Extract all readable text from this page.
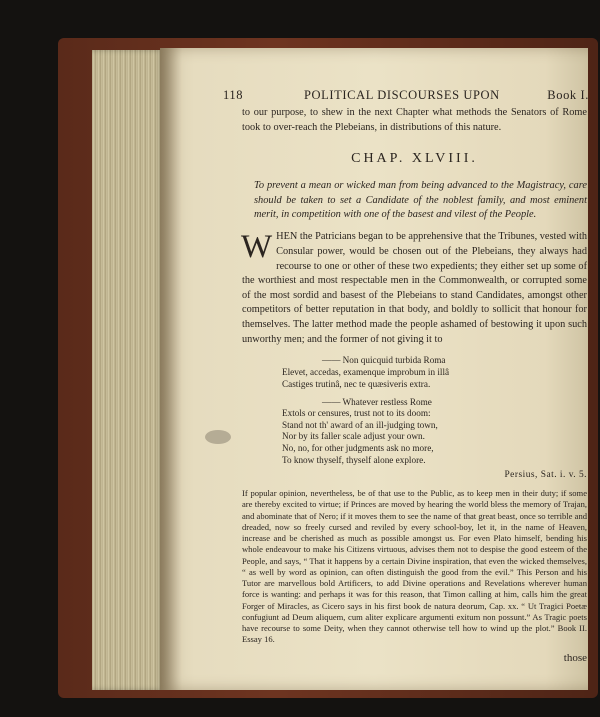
118	POLITICAL DISCOURSES UPON	Book I.

to our purpose, to shew in the next Chapter what methods the Senators of Rome took to over-reach the Plebeians, in distributions of this nature.

CHAP. XLVIII.

To prevent a mean or wicked man from being advanced to the Magistracy, care should be taken to set a Candidate of the noblest family, and most eminent merit, in competition with one of the basest and vilest of the People.

WHEN the Patricians began to be apprehensive that the Tribunes, vested with Consular power, would be chosen out of the Plebeians, they always had recourse to one or other of these two expedients; they either set up some of the worthiest and most respectable men in the Commonwealth, or corrupted some of the most sordid and basest of the Plebeians to stand Candidates, amongst other competitors of better reputation in that body, and boldly to sollicit that honour for themselves. The latter method made the people ashamed of bestowing it upon such unworthy men; and the former of not giving it to
—— Non quicquid turbida Roma
Elevet, accedas, examenque improbum in illâ
Castiges trutinâ, nec te quæsiveris extra.
—— Whatever restless Rome
Extols or censures, trust not to its doom:
Stand not th' award of an ill-judging town,
Nor by its faller scale adjust your own.
No, no, for other judgments ask no more,
To know thyself, thyself alone explore.
Persius, Sat. i. v. 5.

If popular opinion, nevertheless, be of that use to the Public, as to keep men in their duty; if some are thereby excited to virtue; if Princes are moved by hearing the world bless the memory of Trajan, and abominate that of Nero; if it moves them to see the name of that great beast, once so terrible and dreaded, now so freely cursed and reviled by every school-boy, let it, in the name of Heaven, increase and be cherished as much as possible amongst us. For even Plato himself, bending his whole endeavour to make his Citizens virtuous, advises them not to despise the good esteem of the People, and says, “ That it happens by a certain Divine inspiration, that even the wicked themselves, “ as well by word as opinion, can often distinguish the good from the evil.” This Person and his Tutor are marvellous bold Artificers, to add Divine operations and Revelations wherever human force is wanting: and perhaps it was for this reason, that Timon calling at him, calls him the great Forger of Miracles, as Cicero says in his first book de natura deorum, Cap. xx. “ Ut Tragici Poetæ confugiunt ad Deum aliquem, cum aliter explicare argumenti exitum non possunt.” As Tragic poets have recourse to some Deity, when they cannot otherwise tell how to wind up the plot.” Book II. Essay 16.

those
